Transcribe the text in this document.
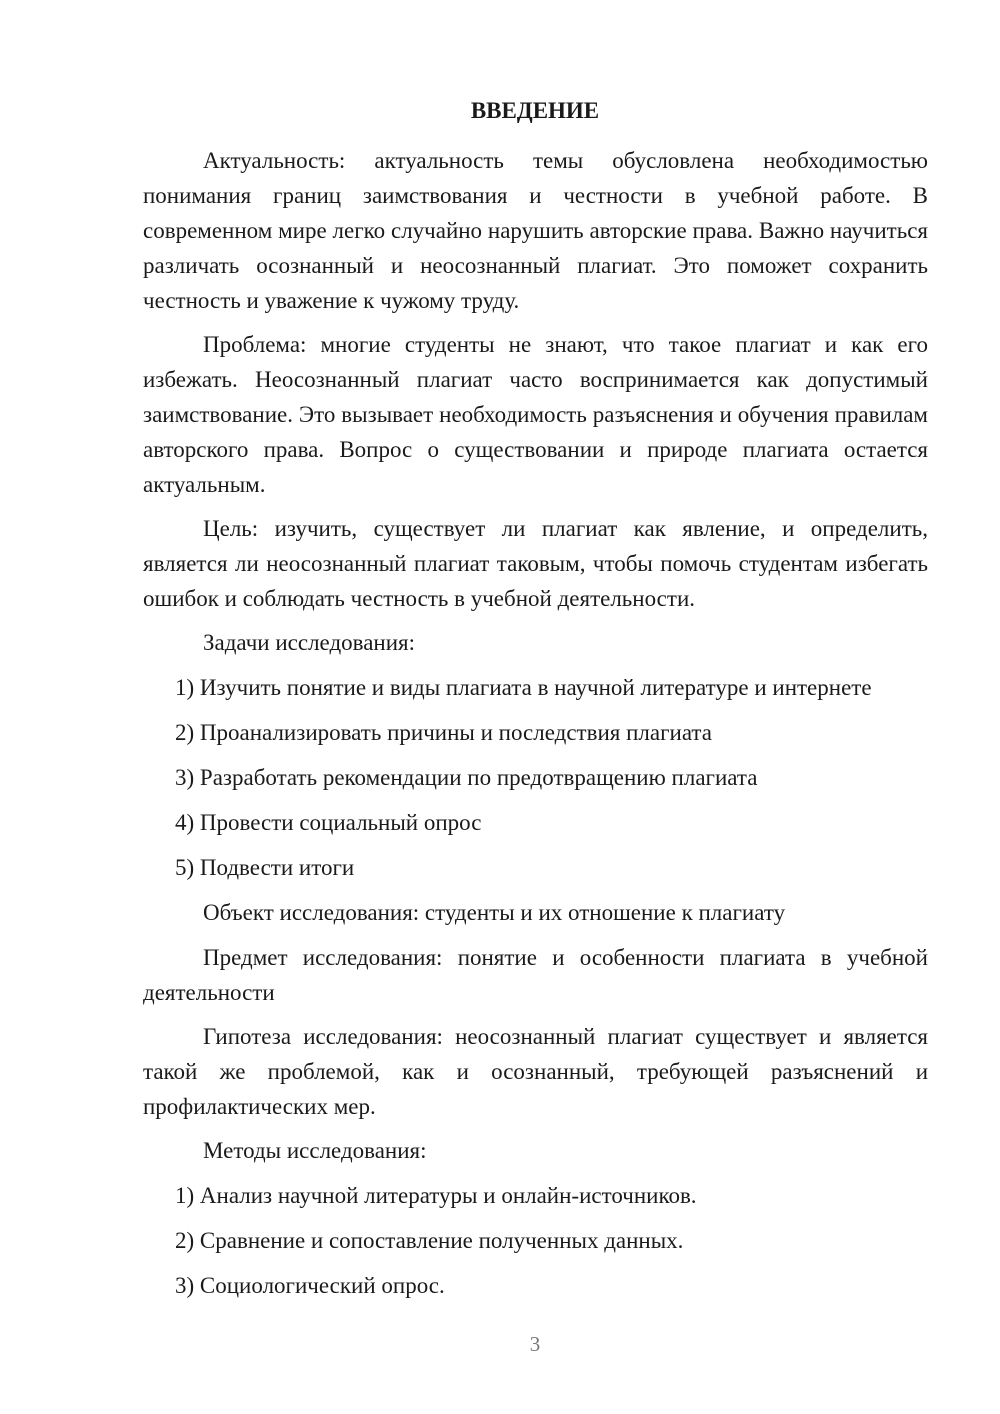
ВВЕДЕНИЕ

Актуальность: актуальность темы обусловлена необходимостью понимания границ заимствования и честности в учебной работе. В современном мире легко случайно нарушить авторские права. Важно научиться различать осознанный и неосознанный плагиат. Это поможет сохранить честность и уважение к чужому труду.

Проблема: многие студенты не знают, что такое плагиат и как его избежать. Неосознанный плагиат часто воспринимается как допустимый заимствование. Это вызывает необходимость разъяснения и обучения правилам авторского права. Вопрос о существовании и природе плагиата остается актуальным.

Цель: изучить, существует ли плагиат как явление, и определить, является ли неосознанный плагиат таковым, чтобы помочь студентам избегать ошибок и соблюдать честность в учебной деятельности.

Задачи исследования:

1) Изучить понятие и виды плагиата в научной литературе и интернете

2) Проанализировать причины и последствия плагиата

3) Разработать рекомендации по предотвращению плагиата

4) Провести социальный опрос

5) Подвести итоги

Объект исследования: студенты и их отношение к плагиату

Предмет исследования: понятие и особенности плагиата в учебной деятельности

Гипотеза исследования: неосознанный плагиат существует и является такой же проблемой, как и осознанный, требующей разъяснений и профилактических мер.

Методы исследования:

1) Анализ научной литературы и онлайн-источников.

2) Сравнение и сопоставление полученных данных.

3) Социологический опрос.

3
